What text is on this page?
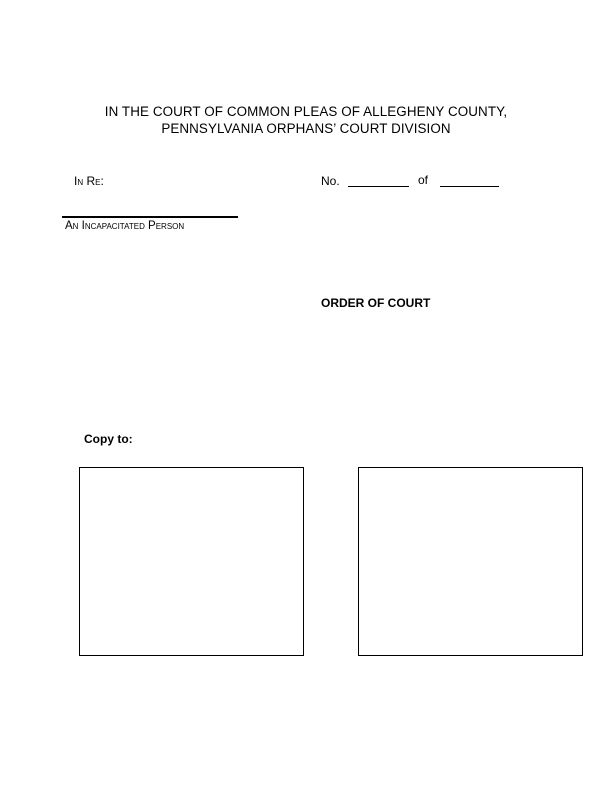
IN THE COURT OF COMMON PLEAS OF ALLEGHENY COUNTY,
PENNSYLVANIA ORPHANS’ COURT DIVISION
In Re:	No.	of
An Incapacitated Person
ORDER OF COURT
Copy to:
